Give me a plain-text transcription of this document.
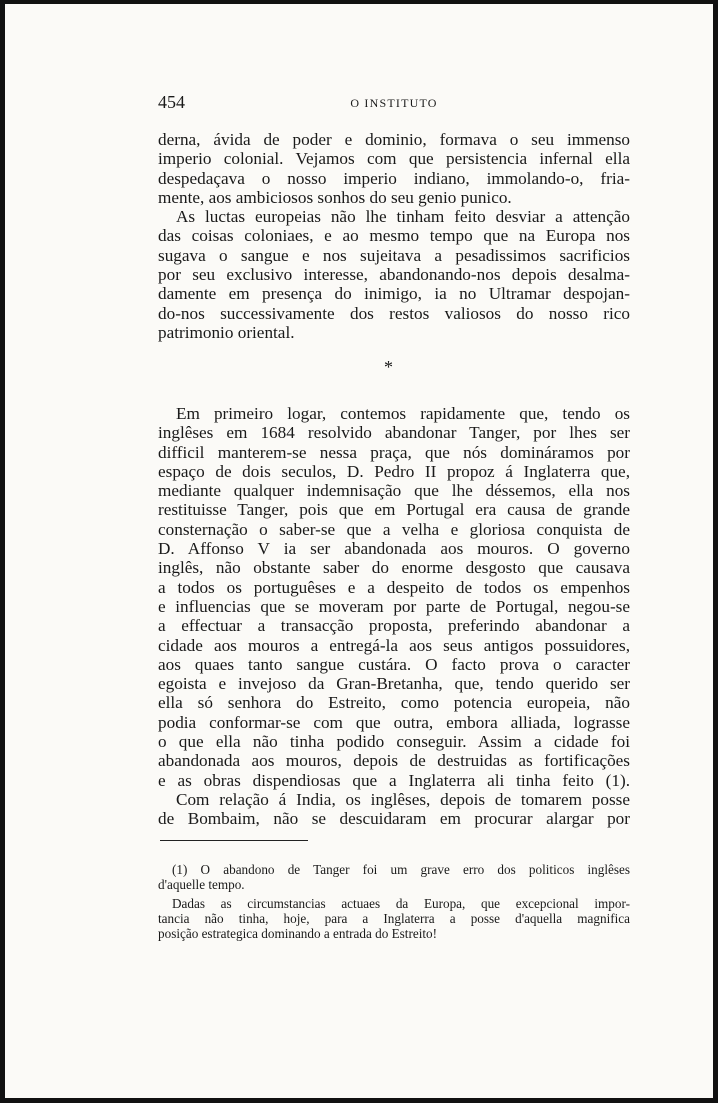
454	O INSTITUTO
derna, ávida de poder e dominio, formava o seu immenso
imperio colonial. Vejamos com que persistencia infernal ella
despedaçava o nosso imperio indiano, immolando-o, fria-
mente, aos ambiciosos sonhos do seu genio punico.
As luctas europeias não lhe tinham feito desviar a attenção
das coisas coloniaes, e ao mesmo tempo que na Europa nos
sugava o sangue e nos sujeitava a pesadissimos sacrificios
por seu exclusivo interesse, abandonando-nos depois desalma-
damente em presença do inimigo, ia no Ultramar despojan-
do-nos successivamente dos restos valiosos do nosso rico
patrimonio oriental.
*
Em primeiro logar, contemos rapidamente que, tendo os
inglêses em 1684 resolvido abandonar Tanger, por lhes ser
difficil manterem-se nessa praça, que nós domináramos por
espaço de dois seculos, D. Pedro II propoz á Inglaterra que,
mediante qualquer indemnisação que lhe déssemos, ella nos
restituisse Tanger, pois que em Portugal era causa de grande
consternação o saber-se que a velha e gloriosa conquista de
D. Affonso V ia ser abandonada aos mouros. O governo
inglês, não obstante saber do enorme desgosto que causava
a todos os portuguêses e a despeito de todos os empenhos
e influencias que se moveram por parte de Portugal, negou-se
a effectuar a transacção proposta, preferindo abandonar a
cidade aos mouros a entregá-la aos seus antigos possuidores,
aos quaes tanto sangue custára. O facto prova o caracter
egoista e invejoso da Gran-Bretanha, que, tendo querido ser
ella só senhora do Estreito, como potencia europeia, não
podia conformar-se com que outra, embora alliada, lograsse
o que ella não tinha podido conseguir. Assim a cidade foi
abandonada aos mouros, depois de destruidas as fortificações
e as obras dispendiosas que a Inglaterra ali tinha feito (1).
Com relação á India, os inglêses, depois de tomarem posse
de Bombaim, não se descuidaram em procurar alargar por
(1) O abandono de Tanger foi um grave erro dos politicos inglêses
d'aquelle tempo.
Dadas as circumstancias actuaes da Europa, que excepcional impor-
tancia não tinha, hoje, para a Inglaterra a posse d'aquella magnifica
posição estrategica dominando a entrada do Estreito!
